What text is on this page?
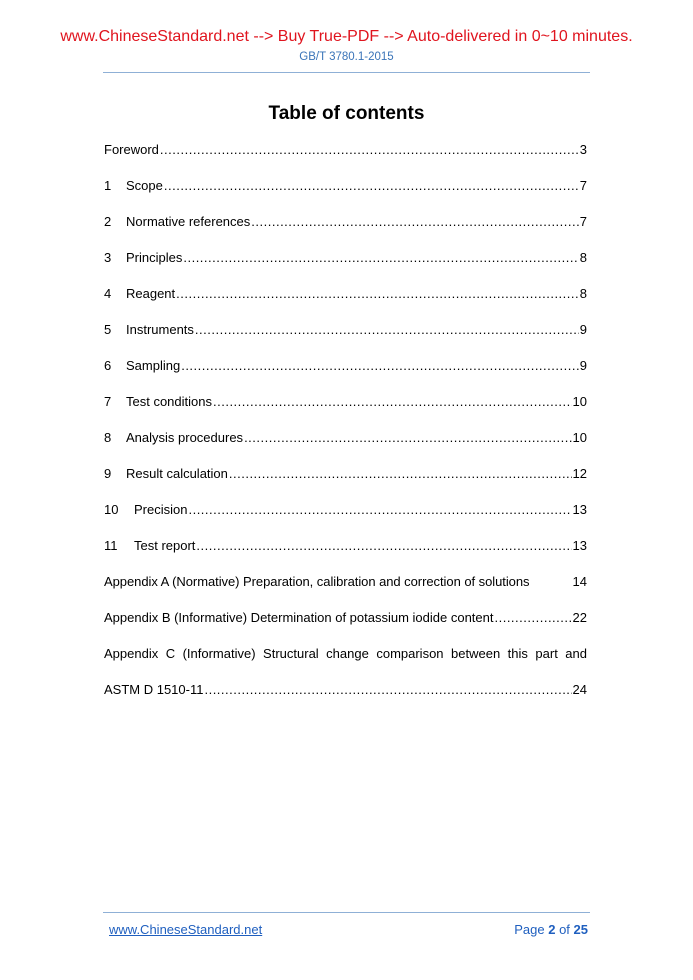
www.ChineseStandard.net --> Buy True-PDF --> Auto-delivered in 0~10 minutes.
GB/T 3780.1-2015
Table of contents
Foreword .....	3
1	Scope .....	7
2	Normative references .....	7
3	Principles .....	8
4	Reagent .....	8
5	Instruments .....	9
6	Sampling .....	9
7	Test conditions .....	10
8	Analysis procedures .....	10
9	Result calculation .....	12
10	Precision .....	13
11	Test report .....	13
Appendix A (Normative) Preparation, calibration and correction of solutions	14
Appendix B (Informative) Determination of potassium iodide content .....	22
Appendix C (Informative) Structural change comparison between this part and
ASTM D 1510-11 .....	24
www.ChineseStandard.net	Page 2 of 25
